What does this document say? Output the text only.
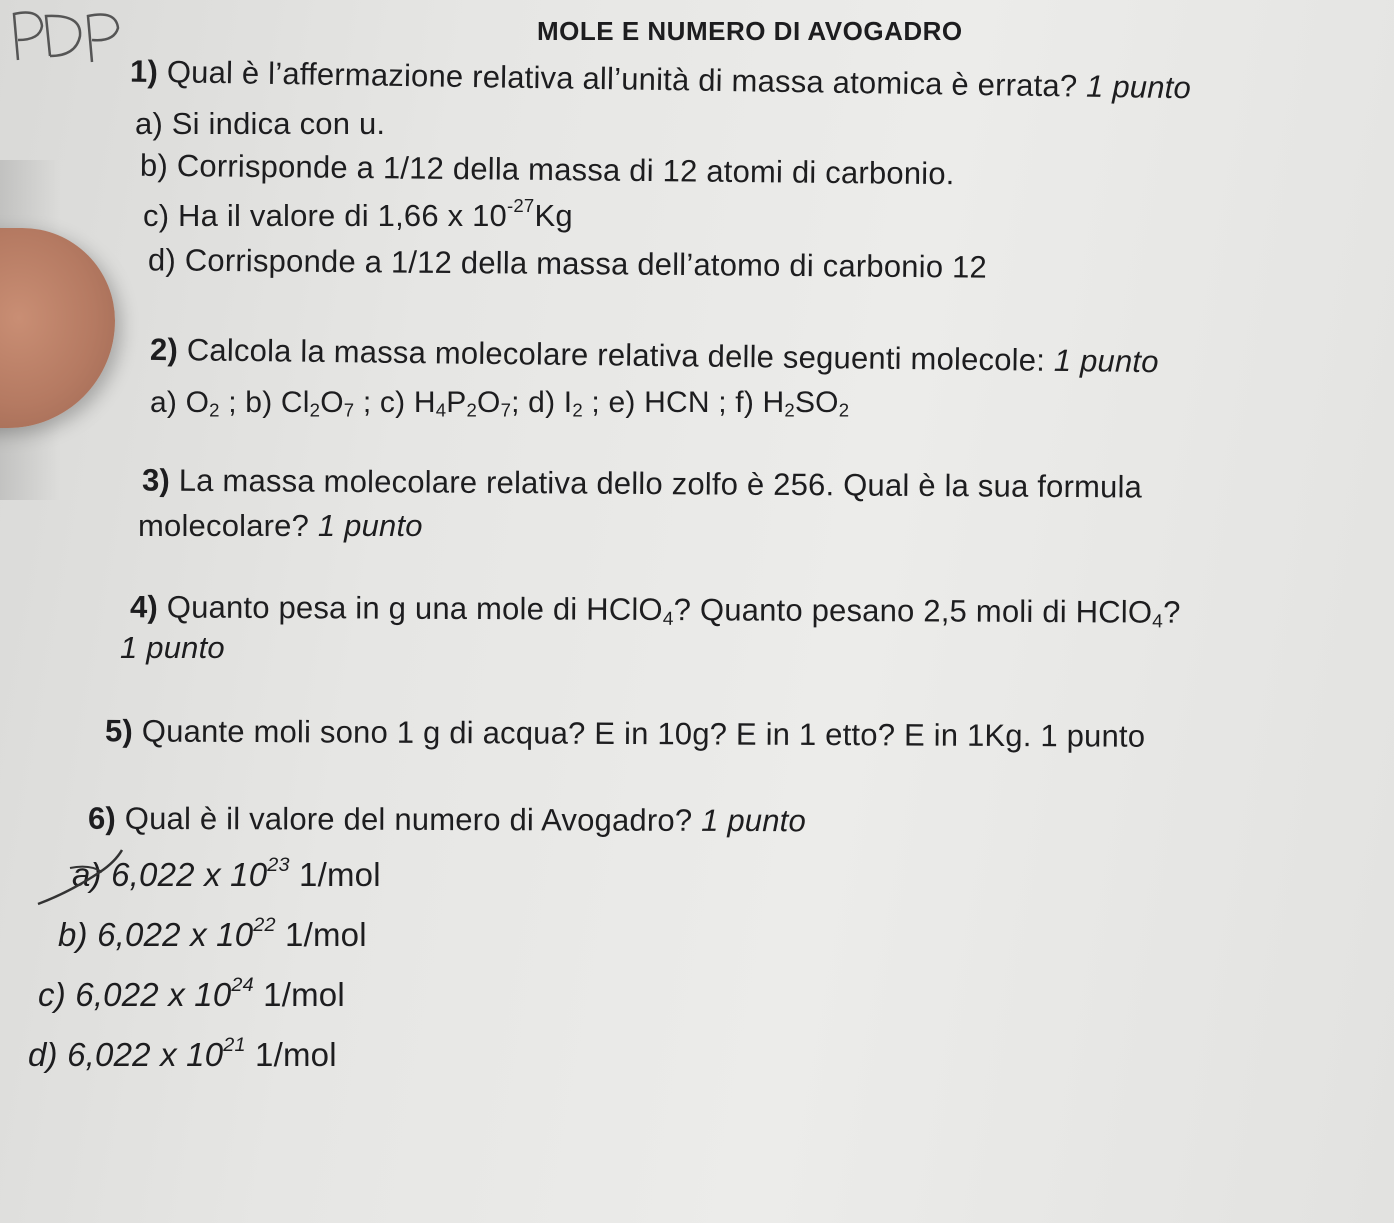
MOLE E NUMERO DI AVOGADRO
1) Qual è l’affermazione relativa all’unità di massa atomica è errata? 1 punto
a) Si indica con u.
b) Corrisponde a 1/12 della massa di 12 atomi di carbonio.
c) Ha il valore di 1,66 x $10^{-27}Kg$
d) Corrisponde a 1/12 della massa dell’atomo di carbonio 12
2) Calcola la massa molecolare relativa delle seguenti molecole: 1 punto
a) $O_2$ ; b) $Cl_2O_7$ ; c) $H_4P_2O_7$; d) $I_2$ ; e) HCN ; f) $H_2SO_2$
3) La massa molecolare relativa dello zolfo è 256. Qual è la sua formula
molecolare? 1 punto
4) Quanto pesa in g una mole di HClO$_4$? Quanto pesano 2,5 moli di HClO$_4$?
1 punto
5) Quante moli sono 1 g di acqua? E in 10g? E in 1 etto? E in 1Kg. 1 punto
6) Qual è il valore del numero di Avogadro? 1 punto
a) 6,022 x $10^{23}$ 1/mol
b) 6,022 x $10^{22}$ 1/mol
c) 6,022 x $10^{24}$ 1/mol
d) 6,022 x $10^{21}$ 1/mol
